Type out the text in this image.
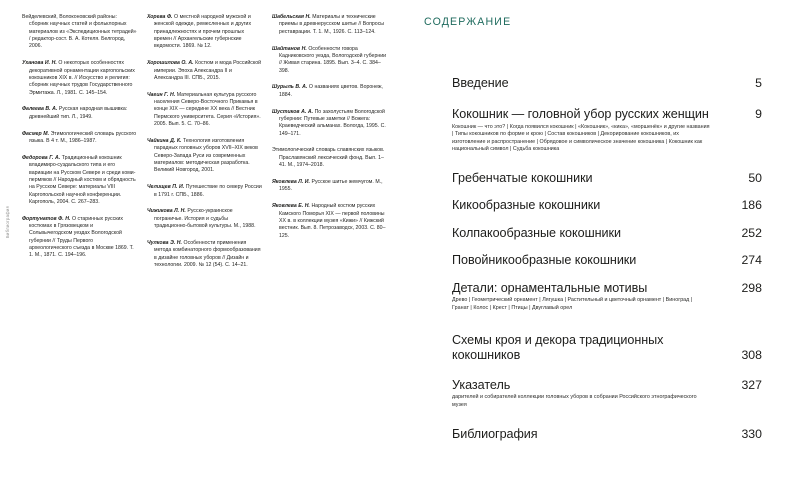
Библиография

Вейделевский, Волоконовский районы: сборник научных статей и фольклорных материалов из «Экспедиционных тетрадей» / редактор-сост. В. А. Котеля. Белгород, 2006.

Уханова И. Н. О некоторых особенностях декоративной орнаментации каргопольских кокошников XIX в. // Искусство и религия: сборник научных трудов Государственного Эрмитажа. Л., 1981. С. 145–154.

Фалеева В. А. Русская народная вышивка: древнейший тип. Л., 1949.

Фасмер М. Этимологический словарь русского языка. В 4 т. М., 1986–1987.

Федорова Г. А. Традиционный кокошник владимиро-суздальского типа и его вариации на Русском Севере и среди коми-пермяков // Народный костюм и обрядность на Русском Севере: материалы VIII Каргопольской научной конференции. Каргополь, 2004. С. 267–283.

Фортунатов Ф. Н. О старинных русских костюмах в Грязовецком и Сольвычегодском уездах Вологодской губернии // Труды Первого археологического съезда в Москве 1869. Т. 1. М., 1871. С. 194–196.

Хорева Ф. О местной народной мужской и женской одежде, ремесленных и других принадлежностях и прочем прошлых времен // Архангельские губернские ведомости. 1869. № 12.

Хорошилова О. А. Костюм и мода Российской империи. Эпоха Александра II и Александра III. СПБ., 2015.

Чагин Г. Н. Материальная культура русского населения Северо-Восточного Прикамья в конце XIX — середине XX века // Вестник Пермского университета. Серия «История». 2005. Вып. 5. С. 70–86.

Чайкина Д. К. Технология изготовления парадных головных уборов XVII–XIX веков Северо-Запада Руси из современных материалов: методическая разработка. Великий Новгород, 2001.

Челищев П. И. Путешествие по северу России в 1791 г. СПБ., 1886.

Чижикова Л. Н. Русско-украинское пограничье. История и судьбы традиционно-бытовой культуры. М., 1988.

Чулкова Э. Н. Особенности применения метода комбинаторного формообразования в дизайне головных уборов // Дизайн и технологии. 2009. № 12 (54). С. 14–21.

Шабельская Н. Материалы и технические приемы в древнерусском шитье // Вопросы реставрации. Т. 1. М., 1926. С. 113–124.

Шайтанов Н. Особенности говора Кадниковского уезда, Вологодской губернии // Живая старина. 1895. Вып. 3–4. С. 384–398.

Шурыль В. А. О названиях цветов. Воронеж, 1884.

Шустиков А. А. По захолустьям Вологодской губернии: Путевые заметки // Вожега: Краеведческий альманах. Вологда, 1995. С. 149–171.

Этимологический словарь славянских языков. Праславянский лексический фонд. Вып. 1–41. М., 1974–2018.

Яковлева Л. И. Русское шитье жемчугом. М., 1955.

Яковлева Е. Н. Народный костюм русских Камского Поморья XIX — первой половины XX в. в коллекции музея «Кижи» // Кижский вестник. Вып. 8. Петрозаводск, 2003. С. 80–125.

СОДЕРЖАНИЕ
Введение	5
Кокошник — головной убор русских женщин	9
Кокошник — что это? | Когда появился кокошник | «Кокошник», «кика», «моршенёк» и другие названия | Типы кокошников по форме и крою | Состав кокошников | Декорирование кокошников, их изготовление и распространение | Обрядовое и символическое значение кокошника | Кокошник как национальный символ | Судьба кокошника
Гребенчатые кокошники	50
Кикообразные кокошники	186
Колпакообразные кокошники	252
Повойникообразные кокошники	274
Детали: орнаментальные мотивы	298
Древо | Геометрический орнамент | Лягушка | Растительный и цветочный орнамент | Виноград | Гранат | Колос | Крест | Птицы | Двуглавый орел
Схемы кроя и декора традиционных кокошников	308
Указатель	327
дарителей и собирателей коллекции головных уборов в собрании Российского этнографического музея
Библиография	330
